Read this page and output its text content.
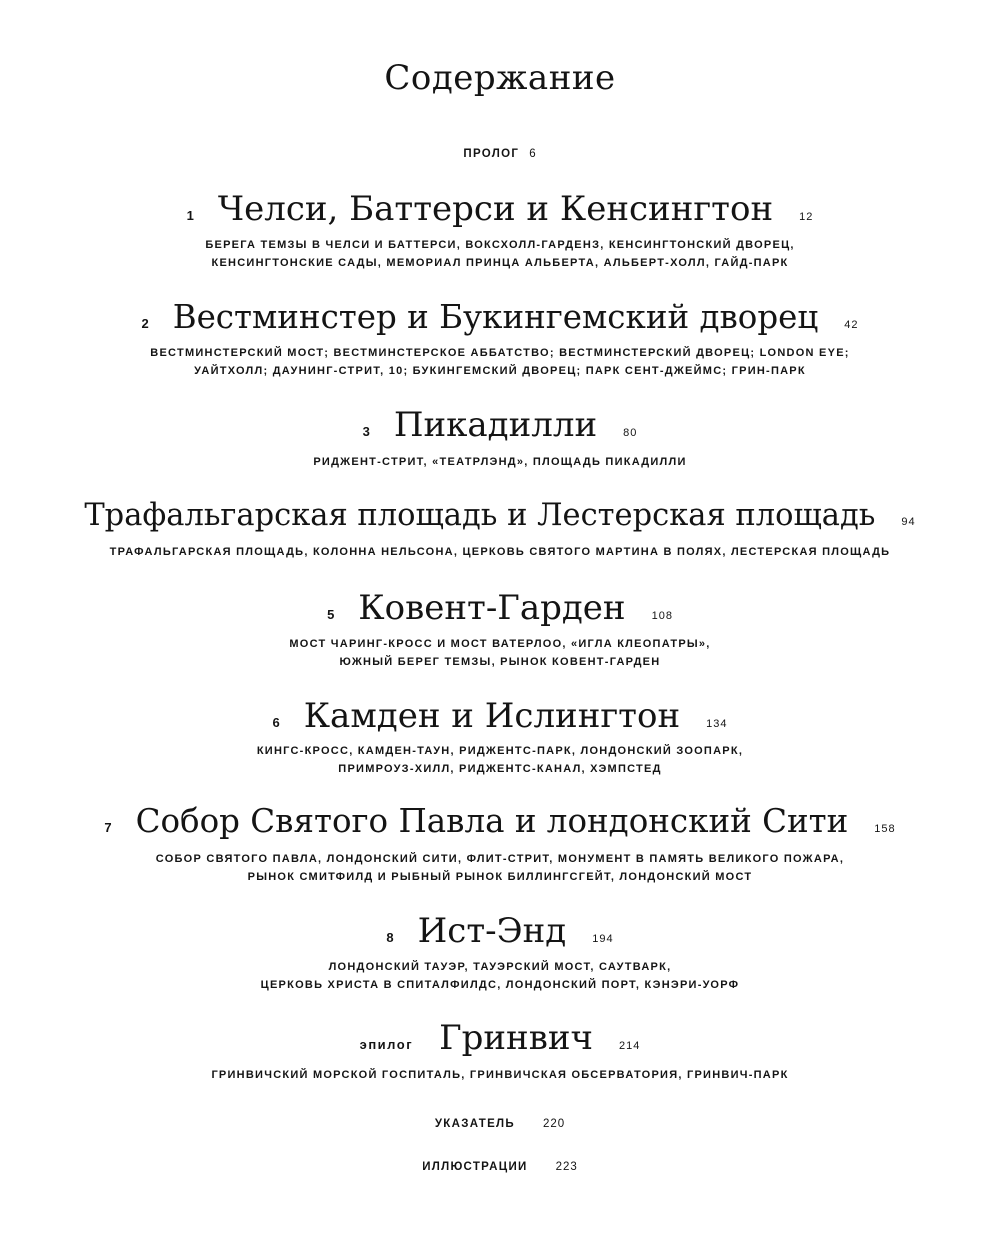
Содержание
ПРОЛОГ 6
1 Челси, Баттерси и Кенсингтон 12
БЕРЕГА ТЕМЗЫ В ЧЕЛСИ И БАТТЕРСИ, ВОКСХОЛЛ-ГАРДЕНЗ, КЕНСИНГТОНСКИЙ ДВОРЕЦ,
КЕНСИНГТОНСКИЕ САДЫ, МЕМОРИАЛ ПРИНЦА АЛЬБЕРТА, АЛЬБЕРТ-ХОЛЛ, ГАЙД-ПАРК
2 Вестминстер и Букингемский дворец 42
ВЕСТМИНСТЕРСКИЙ МОСТ; ВЕСТМИНСТЕРСКОЕ АББАТСТВО; ВЕСТМИНСТЕРСКИЙ ДВОРЕЦ; LONDON EYE;
УАЙТХОЛЛ; ДАУНИНГ-СТРИТ, 10; БУКИНГЕМСКИЙ ДВОРЕЦ; ПАРК СЕНТ-ДЖЕЙМС; ГРИН-ПАРК
3 Пикадилли 80
РИДЖЕНТ-СТРИТ, «ТЕАТРЛЭНД», ПЛОЩАДЬ ПИКАДИЛЛИ
Трафальгарская площадь и Лестерская площадь 94
ТРАФАЛЬГАРСКАЯ ПЛОЩАДЬ, КОЛОННА НЕЛЬСОНА, ЦЕРКОВЬ СВЯТОГО МАРТИНА В ПОЛЯХ, ЛЕСТЕРСКАЯ ПЛОЩАДЬ
5 Ковент-Гарден 108
МОСТ ЧАРИНГ-КРОСС И МОСТ ВАТЕРЛОО, «ИГЛА КЛЕОПАТРЫ»,
ЮЖНЫЙ БЕРЕГ ТЕМЗЫ, РЫНОК КОВЕНТ-ГАРДЕН
6 Камден и Ислингтон 134
КИНГС-КРОСС, КАМДЕН-ТАУН, РИДЖЕНТС-ПАРК, ЛОНДОНСКИЙ ЗООПАРК,
ПРИМРОУЗ-ХИЛЛ, РИДЖЕНТС-КАНАЛ, ХЭМПСТЕД
7 Собор Святого Павла и лондонский Сити 158
СОБОР СВЯТОГО ПАВЛА, ЛОНДОНСКИЙ СИТИ, ФЛИТ-СТРИТ, МОНУМЕНТ В ПАМЯТЬ ВЕЛИКОГО ПОЖАРА,
РЫНОК СМИТФИЛД И РЫБНЫЙ РЫНОК БИЛЛИНГСГЕЙТ, ЛОНДОНСКИЙ МОСТ
8 Ист-Энд 194
ЛОНДОНСКИЙ ТАУЭР, ТАУЭРСКИЙ МОСТ, САУТВАРК,
ЦЕРКОВЬ ХРИСТА В СПИТАЛФИЛДС, ЛОНДОНСКИЙ ПОРТ, КЭНЭРИ-УОРФ
эпилог Гринвич 214
ГРИНВИЧСКИЙ МОРСКОЙ ГОСПИТАЛЬ, ГРИНВИЧСКАЯ ОБСЕРВАТОРИЯ, ГРИНВИЧ-ПАРК
УКАЗАТЕЛЬ 220
ИЛЛЮСТРАЦИИ 223
